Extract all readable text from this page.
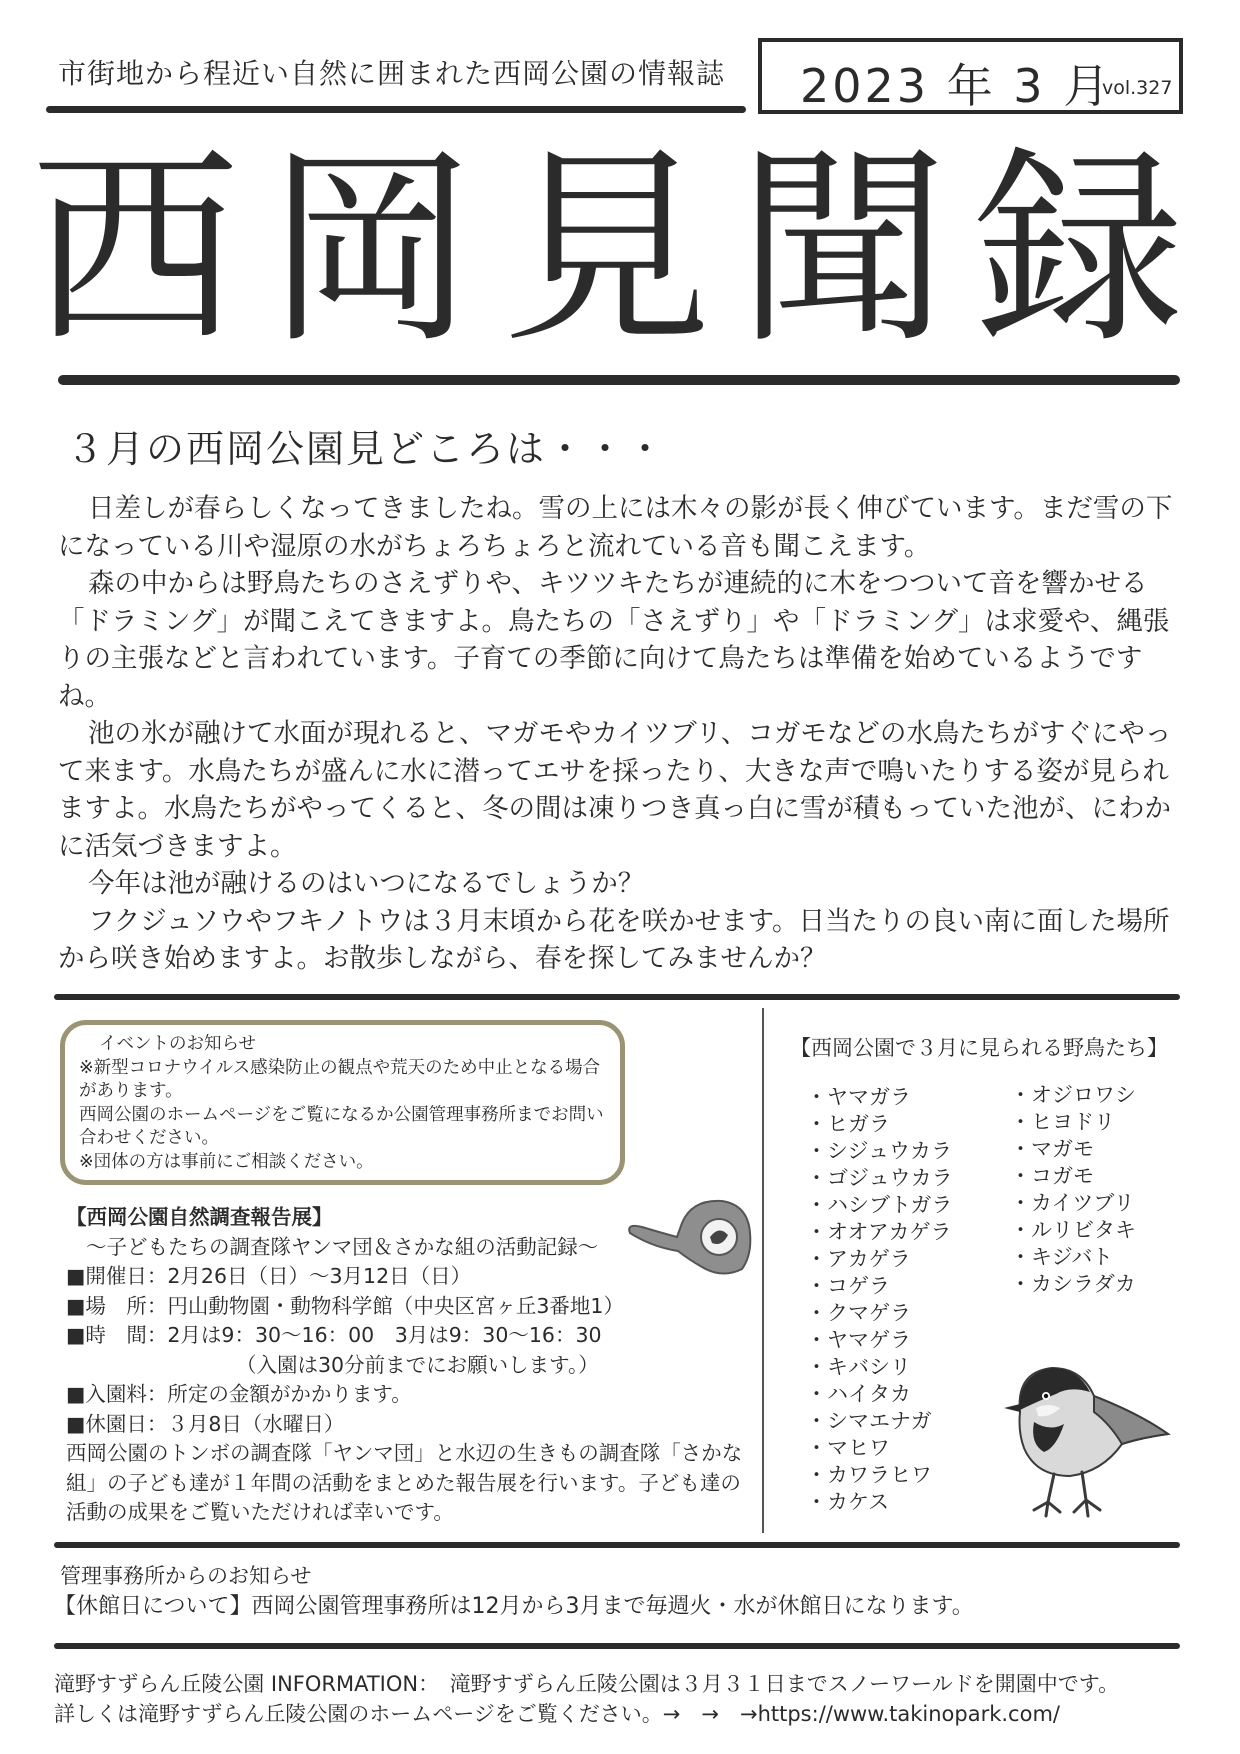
市街地から程近い自然に囲まれた西岡公園の情報誌 2023 年 3 月
vol.327
西岡見聞録
３月の西岡公園見どころは・・・

日差しが春らしくなってきましたね。雪の上には木々の影が長く伸びています。まだ雪の下になっている川や湿原の水がちょろちょろと流れている音も聞こえます。

森の中からは野鳥たちのさえずりや、キツツキたちが連続的に木をつついて音を響かせる「ドラミング」が聞こえてきますよ。鳥たちの「さえずり」や「ドラミング」は求愛や、縄張りの主張などと言われています。子育ての季節に向けて鳥たちは準備を始めているようですね。

池の氷が融けて水面が現れると、マガモやカイツブリ、コガモなどの水鳥たちがすぐにやって来ます。水鳥たちが盛んに水に潜ってエサを採ったり、大きな声で鳴いたりする姿が見られますよ。水鳥たちがやってくると、冬の間は凍りつき真っ白に雪が積もっていた池が、にわかに活気づきますよ。

今年は池が融けるのはいつになるでしょうか？

フクジュソウやフキノトウは３月末頃から花を咲かせます。日当たりの良い南に面した場所から咲き始めますよ。お散歩しながら、春を探してみませんか？

イベントのお知らせ
※新型コロナウイルス感染防止の観点や荒天のため中止となる場合があります。
西岡公園のホームページをご覧になるか公園管理事務所までお問い合わせください。
※団体の方は事前にご相談ください。
【西岡公園自然調査報告展】
〜子どもたちの調査隊ヤンマ団＆さかな組の活動記録〜
■開催日：2月26日（日）〜3月12日（日）
■場　所：円山動物園・動物科学館（中央区宮ヶ丘3番地1）
■時　間：2月は9：30〜16：00　3月は9：30〜16：30
（入園は30分前までにお願いします。）
■入園料：所定の金額がかかります。
■休園日：３月8日（水曜日）
西岡公園のトンボの調査隊「ヤンマ団」と水辺の生きもの調査隊「さかな組」の子ども達が１年間の活動をまとめた報告展を行います。子ども達の活動の成果をご覧いただければ幸いです。
【西岡公園で３月に見られる野鳥たち】
・ヤマガラ
・ヒガラ
・シジュウカラ
・ゴジュウカラ
・ハシブトガラ
・オオアカゲラ
・アカゲラ
・コゲラ
・クマゲラ
・ヤマゲラ
・キバシリ
・ハイタカ
・シマエナガ
・マヒワ
・カワラヒワ
・カケス
・オジロワシ
・ヒヨドリ
・マガモ
・コガモ
・カイツブリ
・ルリビタキ
・キジバト
・カシラダカ
管理事務所からのお知らせ
【休館日について】西岡公園管理事務所は12月から3月まで毎週火・水が休館日になります。
滝野すずらん丘陵公園 INFORMATION：　滝野すずらん丘陵公園は３月３１日までスノーワールドを開園中です。
詳しくは滝野すずらん丘陵公園のホームページをご覧ください。→　→　→https://www.takinopark.com/
